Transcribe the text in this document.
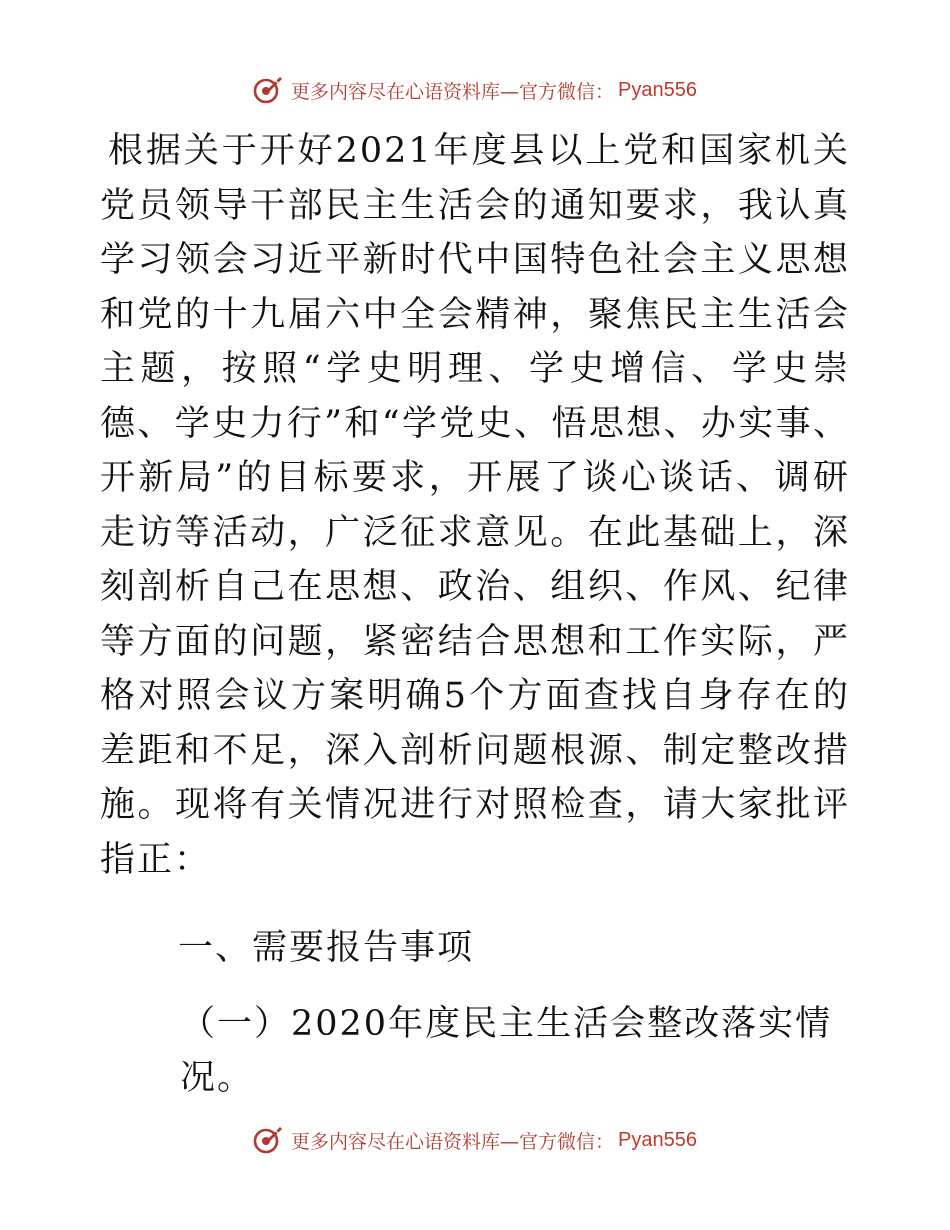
更多内容尽在心语资料库—官方微信： Pyan556

根据关于开好2021年度县以上党和国家机关党员领导干部民主生活会的通知要求，我认真学习领会习近平新时代中国特色社会主义思想和党的十九届六中全会精神，聚焦民主生活会主题，按照“学史明理、学史增信、学史崇德、学史力行”和“学党史、悟思想、办实事、开新局”的目标要求，开展了谈心谈话、调研走访等活动，广泛征求意见。在此基础上，深刻剖析自己在思想、政治、组织、作风、纪律等方面的问题，紧密结合思想和工作实际，严格对照会议方案明确5个方面查找自身存在的差距和不足，深入剖析问题根源、制定整改措施。现将有关情况进行对照检查，请大家批评指正：

一、需要报告事项

（一）2020年度民主生活会整改落实情况。

更多内容尽在心语资料库—官方微信： Pyan556
